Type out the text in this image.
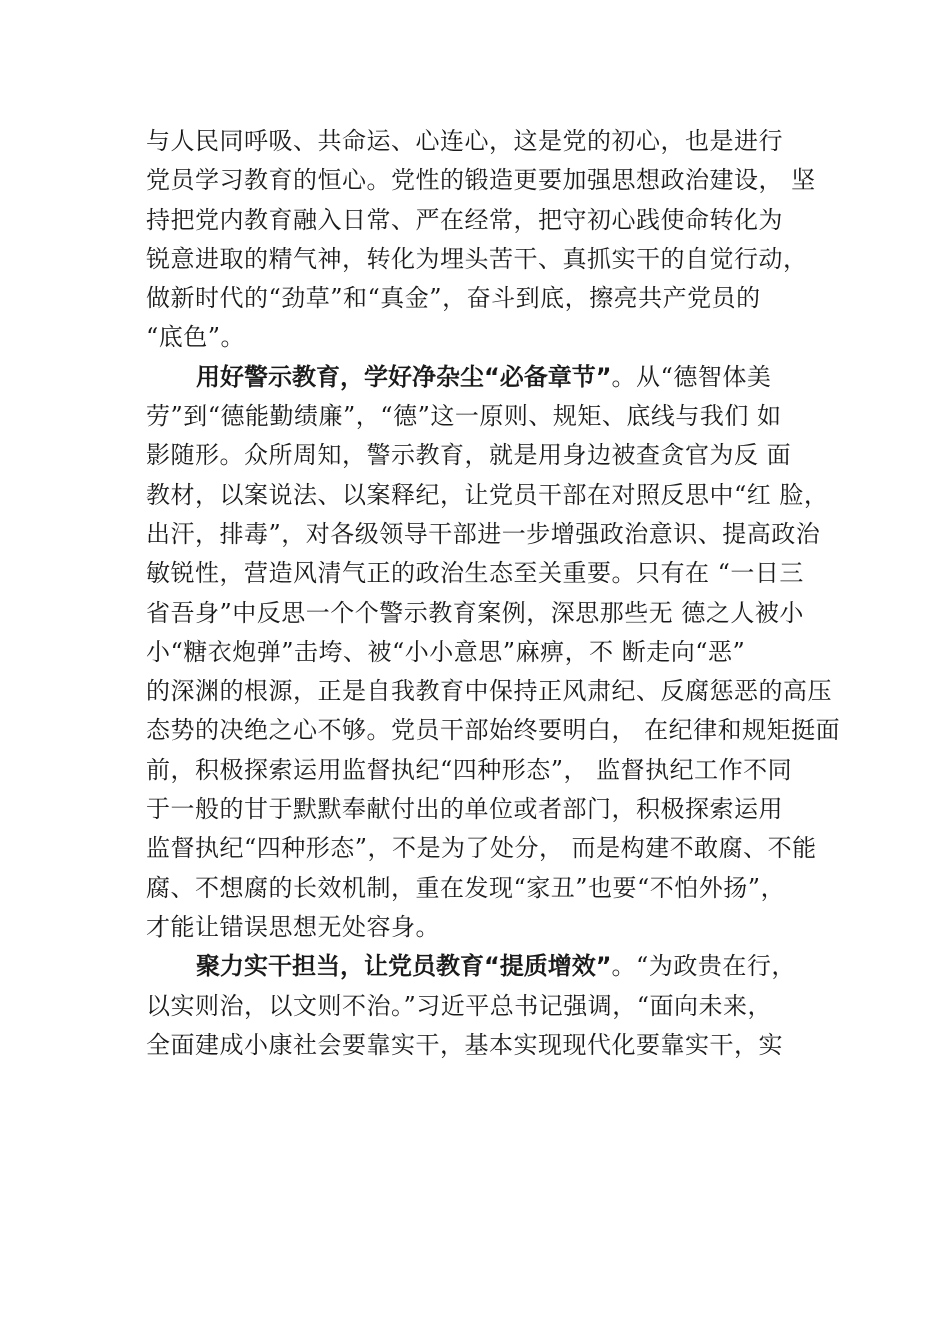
与人民同呼吸、共命运、心连心，这是党的初心，也是进行
党员学习教育的恒心。党性的锻造更要加强思想政治建设， 坚
持把党内教育融入日常、严在经常，把守初心践使命转化为
锐意进取的精气神，转化为埋头苦干、真抓实干的自觉行动，
做新时代的“劲草”和“真金”，奋斗到底，擦亮共产党员的
“底色”。
用好警示教育，学好净杂尘“必备章节”。从“德智体美
劳”到“德能勤绩廉”，“德”这一原则、规矩、底线与我们 如
影随形。众所周知，警示教育，就是用身边被查贪官为反 面
教材，以案说法、以案释纪，让党员干部在对照反思中“红 脸，
出汗，排毒”，对各级领导干部进一步增强政治意识、提高政治
敏锐性，营造风清气正的政治生态至关重要。只有在 “一日三
省吾身”中反思一个个警示教育案例，深思那些无 德之人被小
小“糖衣炮弹”击垮、被“小小意思”麻痹，不 断走向“恶”
的深渊的根源，正是自我教育中保持正风肃纪、反腐惩恶的高压
态势的决绝之心不够。党员干部始终要明白， 在纪律和规矩挺面
前，积极探索运用监督执纪“四种形态”， 监督执纪工作不同
于一般的甘于默默奉献付出的单位或者部门，积极探索运用
监督执纪“四种形态”，不是为了处分， 而是构建不敢腐、不能
腐、不想腐的长效机制，重在发现“家丑”也要“不怕外扬”，
才能让错误思想无处容身。
聚力实干担当，让党员教育“提质增效”。“为政贵在行，
以实则治，以文则不治。”习近平总书记强调，“面向未来，
全面建成小康社会要靠实干，基本实现现代化要靠实干，实
